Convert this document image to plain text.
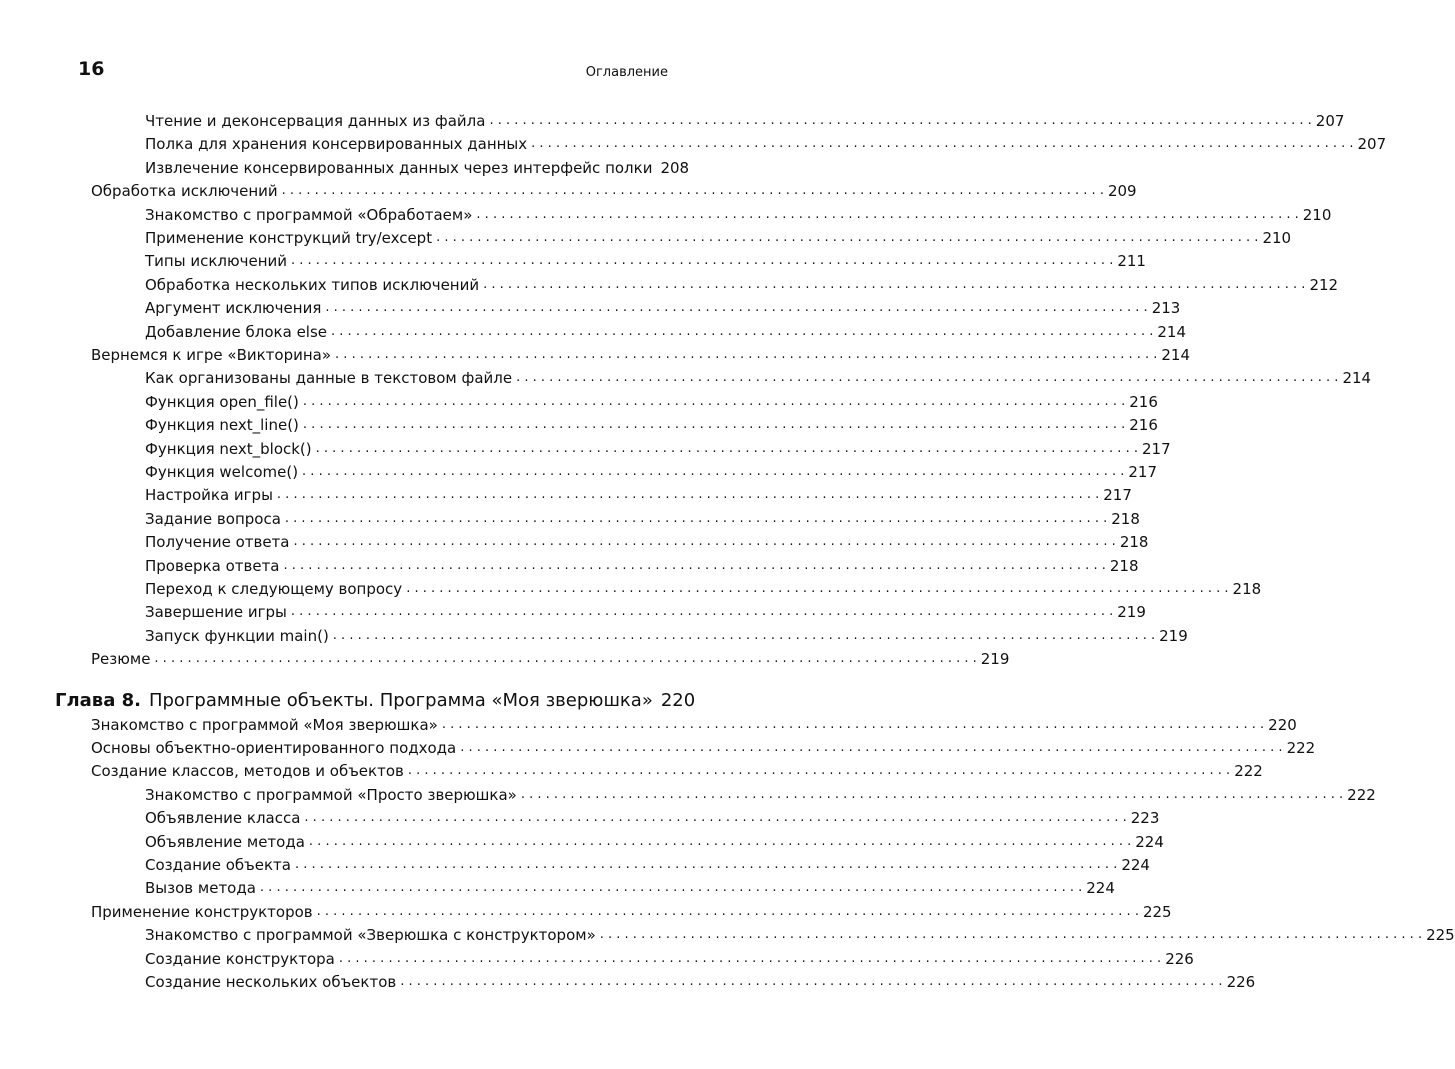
16	Оглавление
Чтение и деконсервация данных из файла . . .	207
Полка для хранения консервированных данных . . .	207
Извлечение консервированных данных через интерфейс полки 208
Обработка исключений . . .	209
Знакомство с программой «Обработаем» . . .	210
Применение конструкций try/except . . .	210
Типы исключений . . .	211
Обработка нескольких типов исключений . . .	212
Аргумент исключения . . .	213
Добавление блока else . . .	214
Вернемся к игре «Викторина» . . .	214
Как организованы данные в текстовом файле . . .	214
Функция open_file() . . .	216
Функция next_line() . . .	216
Функция next_block() . . .	217
Функция welcome() . . .	217
Настройка игры . . .	217
Задание вопроса . . .	218
Получение ответа . . .	218
Проверка ответа . . .	218
Переход к следующему вопросу . . .	218
Завершение игры . . .	219
Запуск функции main() . . .	219
Резюме . . .	219
Глава 8. Программные объекты. Программа «Моя зверюшка» 220
Знакомство с программой «Моя зверюшка» . . .	220
Основы объектно-ориентированного подхода . . .	222
Создание классов, методов и объектов . . .	222
Знакомство с программой «Просто зверюшка» . . .	222
Объявление класса . . .	223
Объявление метода . . .	224
Создание объекта . . .	224
Вызов метода . . .	224
Применение конструкторов . . .	225
Знакомство с программой «Зверюшка с конструктором» . . .	225
Создание конструктора . . .	226
Создание нескольких объектов . . .	226
